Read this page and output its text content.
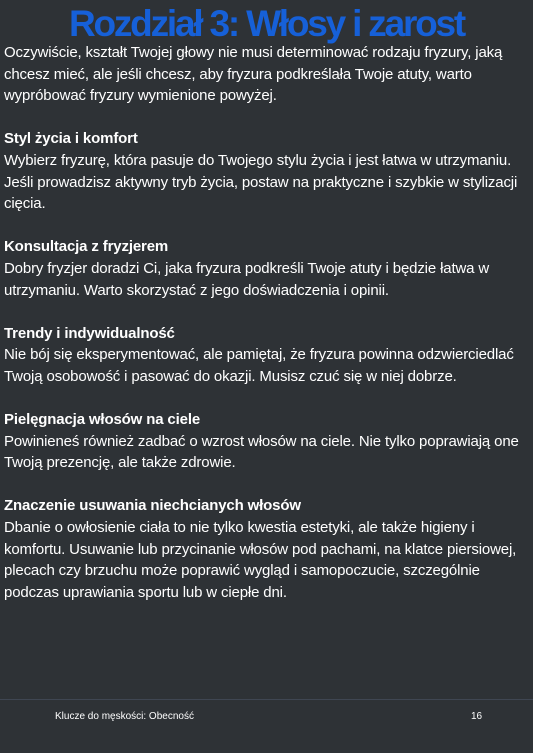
Rozdział 3: Włosy i zarost

Oczywiście, kształt Twojej głowy nie musi determinować rodzaju fryzury, jaką chcesz mieć, ale jeśli chcesz, aby fryzura podkreślała Twoje atuty, warto wypróbować fryzury wymienione powyżej.

Styl życia i komfort

Wybierz fryzurę, która pasuje do Twojego stylu życia i jest łatwa w utrzymaniu. Jeśli prowadzisz aktywny tryb życia, postaw na praktyczne i szybkie w stylizacji cięcia.

Konsultacja z fryzjerem

Dobry fryzjer doradzi Ci, jaka fryzura podkreśli Twoje atuty i będzie łatwa w utrzymaniu. Warto skorzystać z jego doświadczenia i opinii.

Trendy i indywidualność

Nie bój się eksperymentować, ale pamiętaj, że fryzura powinna odzwierciedlać Twoją osobowość i pasować do okazji. Musisz czuć się w niej dobrze.

Pielęgnacja włosów na ciele

Powinieneś również zadbać o wzrost włosów na ciele. Nie tylko poprawiają one Twoją prezencję, ale także zdrowie.

Znaczenie usuwania niechcianych włosów

Dbanie o owłosienie ciała to nie tylko kwestia estetyki, ale także higieny i komfortu. Usuwanie lub przycinanie włosów pod pachami, na klatce piersiowej, plecach czy brzuchu może poprawić wygląd i samopoczucie, szczególnie podczas uprawiania sportu lub w ciepłe dni.

Klucze do męskości: Obecność	16
